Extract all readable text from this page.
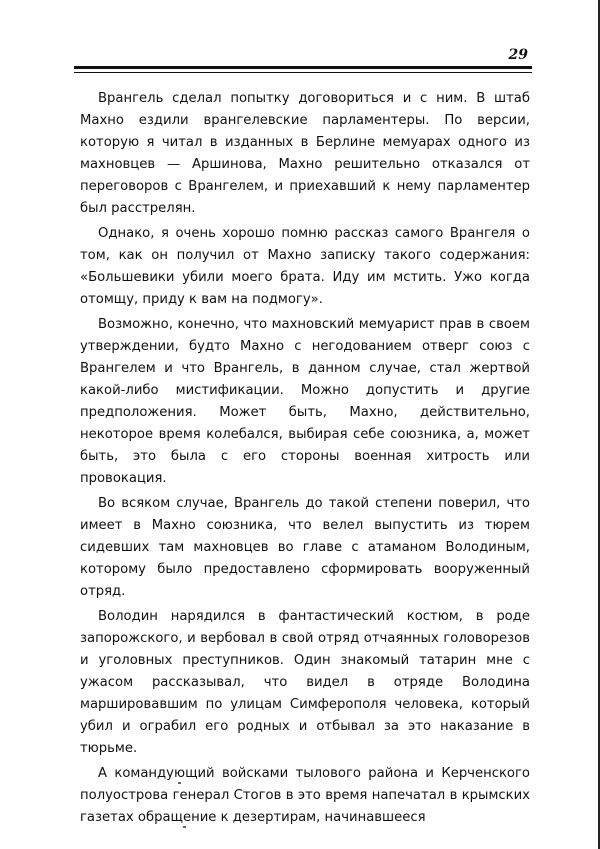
29

Врангель сделал попытку договориться и с ним. В штаб Махно ездили врангелевские парламентеры. По версии, которую я читал в изданных в Берлине мемуарах одного из махновцев — Аршинова, Махно решительно отказался от переговоров с Врангелем, и приехавший к нему парламентер был расстрелян.

Однако, я очень хорошо помню рассказ самого Врангеля о том, как он получил от Махно записку такого содержания: «Большевики убили моего брата. Иду им мстить. Ужо когда отомщу, приду к вам на подмогу».

Возможно, конечно, что махновский мемуарист прав в своем утверждении, будто Махно с негодованием отверг союз с Врангелем и что Врангель, в данном случае, стал жертвой какой-либо мистификации. Можно допустить и другие предположения. Может быть, Махно, действительно, некоторое время колебался, выбирая себе союзника, а, может быть, это была с его стороны военная хитрость или провокация.

Во всяком случае, Врангель до такой степени поверил, что имеет в Махно союзника, что велел выпустить из тюрем сидевших там махновцев во главе с атаманом Володиным, которому было предоставлено сформировать вооруженный отряд.

Володин нарядился в фантастический костюм, в роде запорожского, и вербовал в свой отряд отчаянных головорезов и уголовных преступников. Один знакомый татарин мне с ужасом рассказывал, что видел в отряде Володина маршировавшим по улицам Симферополя человека, который убил и ограбил его родных и отбывал за это наказание в тюрьме.

А командующий войсками тылового района и Керченского полуострова генерал Стогов в это время напечатал в крымских газетах обращение к дезертирам, начинавшееся
